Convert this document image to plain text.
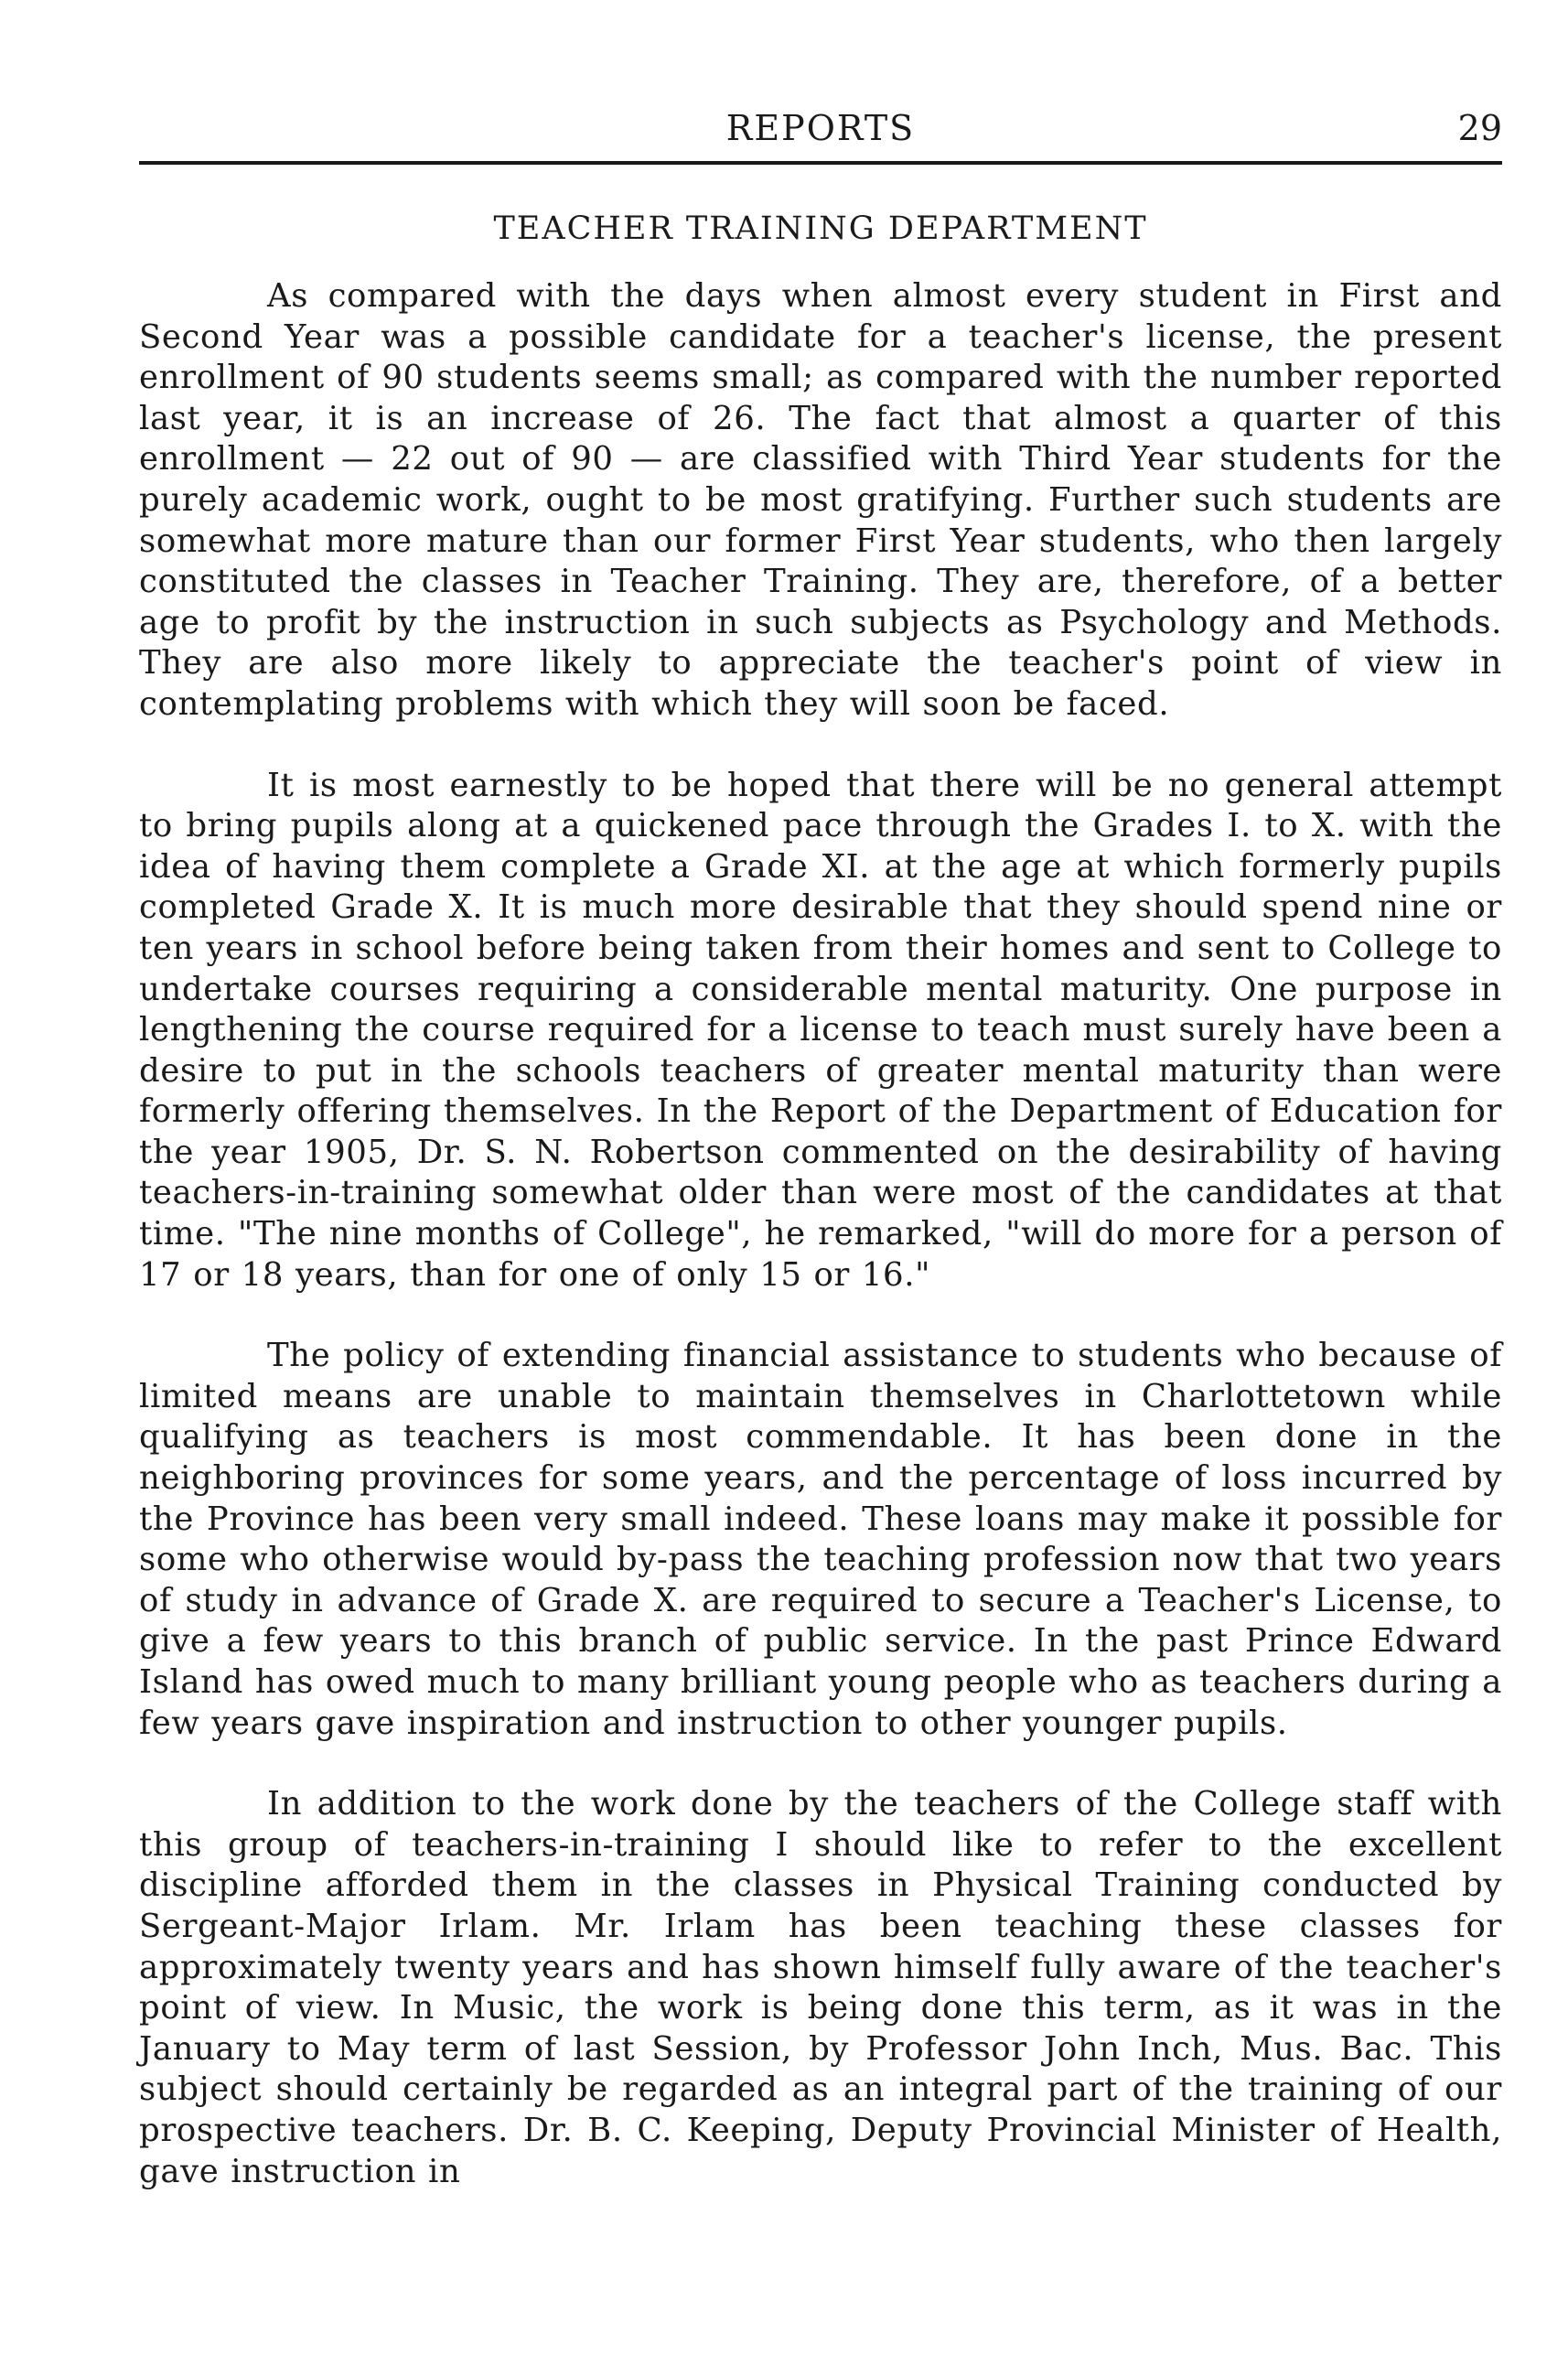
REPORTS	29
TEACHER TRAINING DEPARTMENT

As compared with the days when almost every student in First and Second Year was a possible candidate for a teacher's license, the present enrollment of 90 students seems small; as compared with the number reported last year, it is an increase of 26. The fact that almost a quarter of this enrollment — 22 out of 90 — are classified with Third Year students for the purely academic work, ought to be most gratifying. Further such students are somewhat more mature than our former First Year students, who then largely constituted the classes in Teacher Training. They are, therefore, of a better age to profit by the instruction in such subjects as Psychology and Methods. They are also more likely to appreciate the teacher's point of view in contemplating problems with which they will soon be faced.

It is most earnestly to be hoped that there will be no general attempt to bring pupils along at a quickened pace through the Grades I. to X. with the idea of having them complete a Grade XI. at the age at which formerly pupils completed Grade X. It is much more desirable that they should spend nine or ten years in school before being taken from their homes and sent to College to undertake courses requiring a considerable mental maturity. One purpose in lengthening the course required for a license to teach must surely have been a desire to put in the schools teachers of greater mental maturity than were formerly offering themselves. In the Report of the Department of Education for the year 1905, Dr. S. N. Robertson commented on the desirability of having teachers-in-training somewhat older than were most of the candidates at that time. "The nine months of College", he remarked, "will do more for a person of 17 or 18 years, than for one of only 15 or 16."

The policy of extending financial assistance to students who because of limited means are unable to maintain themselves in Charlottetown while qualifying as teachers is most commendable. It has been done in the neighboring provinces for some years, and the percentage of loss incurred by the Province has been very small indeed. These loans may make it possible for some who otherwise would by-pass the teaching profession now that two years of study in advance of Grade X. are required to secure a Teacher's License, to give a few years to this branch of public service. In the past Prince Edward Island has owed much to many brilliant young people who as teachers during a few years gave inspiration and instruction to other younger pupils.

In addition to the work done by the teachers of the College staff with this group of teachers-in-training I should like to refer to the excellent discipline afforded them in the classes in Physical Training conducted by Sergeant-Major Irlam. Mr. Irlam has been teaching these classes for approximately twenty years and has shown himself fully aware of the teacher's point of view. In Music, the work is being done this term, as it was in the January to May term of last Session, by Professor John Inch, Mus. Bac. This subject should certainly be regarded as an integral part of the training of our prospective teachers. Dr. B. C. Keeping, Deputy Provincial Minister of Health, gave instruction in
